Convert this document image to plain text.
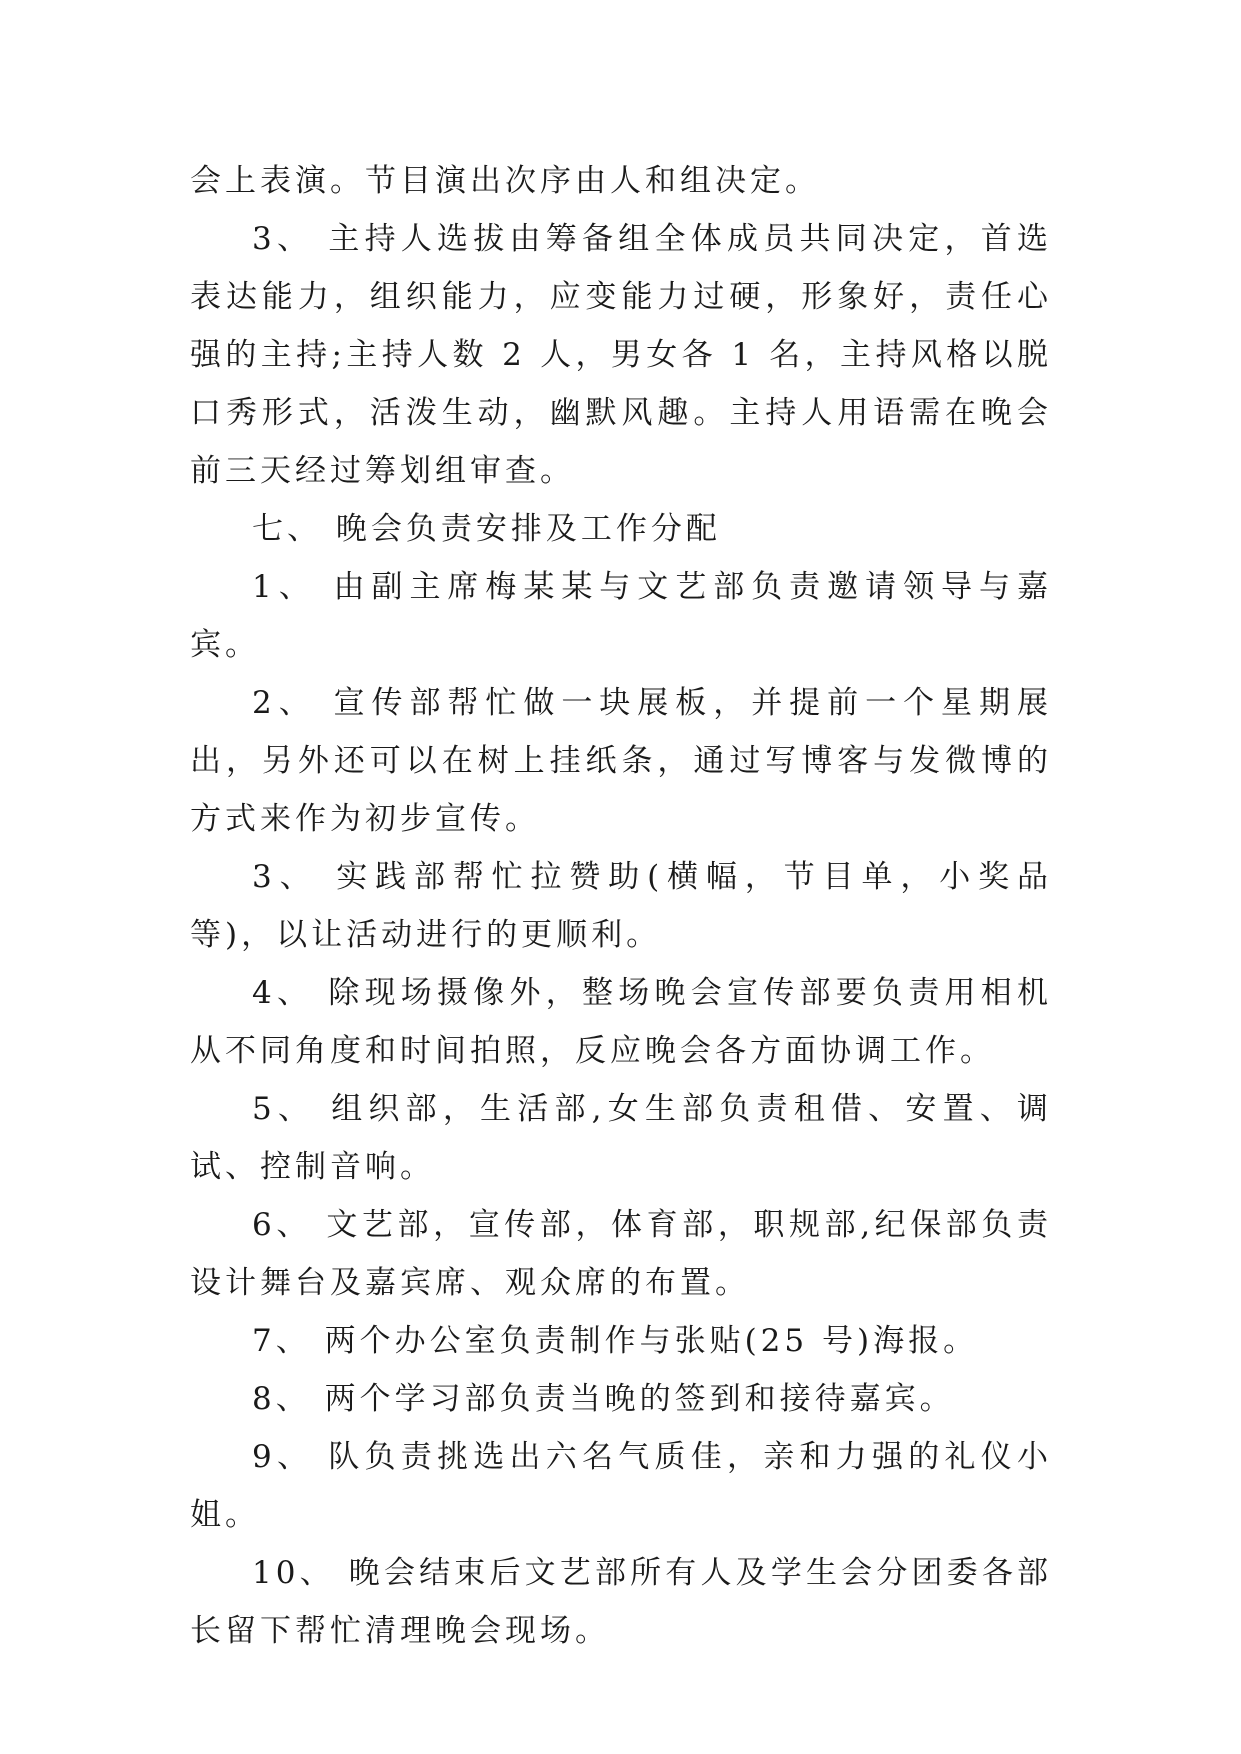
会上表演。节目演出次序由人和组决定。

3、 主持人选拔由筹备组全体成员共同决定，首选表达能力，组织能力，应变能力过硬，形象好，责任心强的主持;主持人数 2 人，男女各 1 名，主持风格以脱口秀形式，活泼生动，幽默风趣。主持人用语需在晚会前三天经过筹划组审查。

七、 晚会负责安排及工作分配

1、 由副主席梅某某与文艺部负责邀请领导与嘉宾。

2、 宣传部帮忙做一块展板，并提前一个星期展出，另外还可以在树上挂纸条，通过写博客与发微博的方式来作为初步宣传。

3、 实践部帮忙拉赞助(横幅，节目单，小奖品等)，以让活动进行的更顺利。

4、 除现场摄像外，整场晚会宣传部要负责用相机从不同角度和时间拍照，反应晚会各方面协调工作。

5、 组织部，生活部,女生部负责租借、安置、调试、控制音响。

6、 文艺部，宣传部，体育部，职规部,纪保部负责设计舞台及嘉宾席、观众席的布置。

7、 两个办公室负责制作与张贴(25 号)海报。

8、 两个学习部负责当晚的签到和接待嘉宾。

9、 队负责挑选出六名气质佳，亲和力强的礼仪小姐。

10、 晚会结束后文艺部所有人及学生会分团委各部长留下帮忙清理晚会现场。
